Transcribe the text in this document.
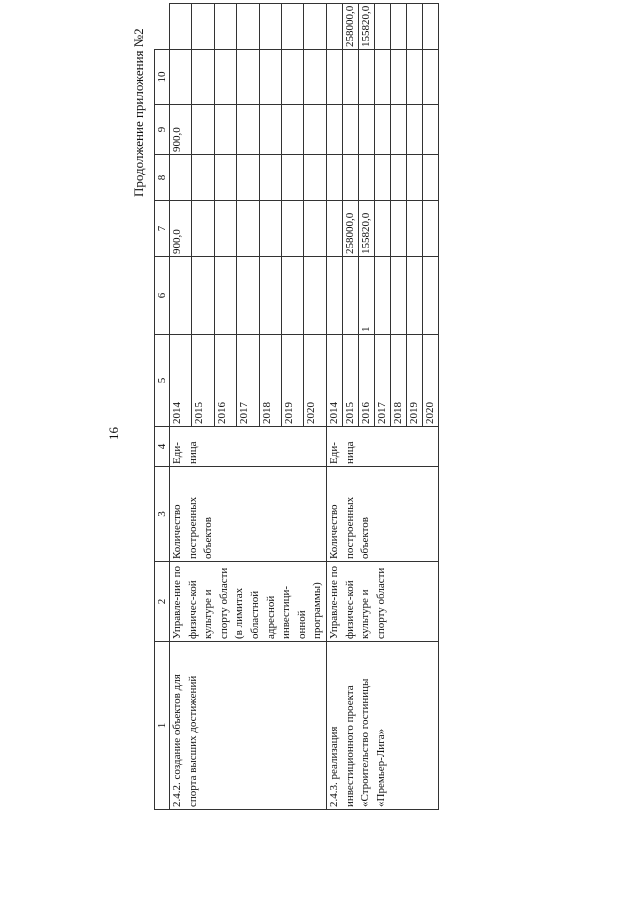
16
Продолжение приложения №2
1	2	3	4	5	6	7	8	9	10	
2.4.2. создание объектов для спорта высших достижений	Управле-ние по физичес-кой культуре и спорту области (в лимитах областной адресной инвестици-онной программы)	Количество построенных объектов	Еди-ница	2014		900,0		900,0		
				2015						
				2016						
				2017						
				2018						
				2019						
				2020						
2.4.3. реализация инвестиционного проекта «Строительство гостиницы «Премьер-Лига»	Управле-ние по физичес-кой культуре и спорту области	Количество построенных объектов	Еди-ница	2014						
				2015		258000,0				258000,0
				2016	1	155820,0				155820,0
				2017						
				2018						
				2019						
				2020						
